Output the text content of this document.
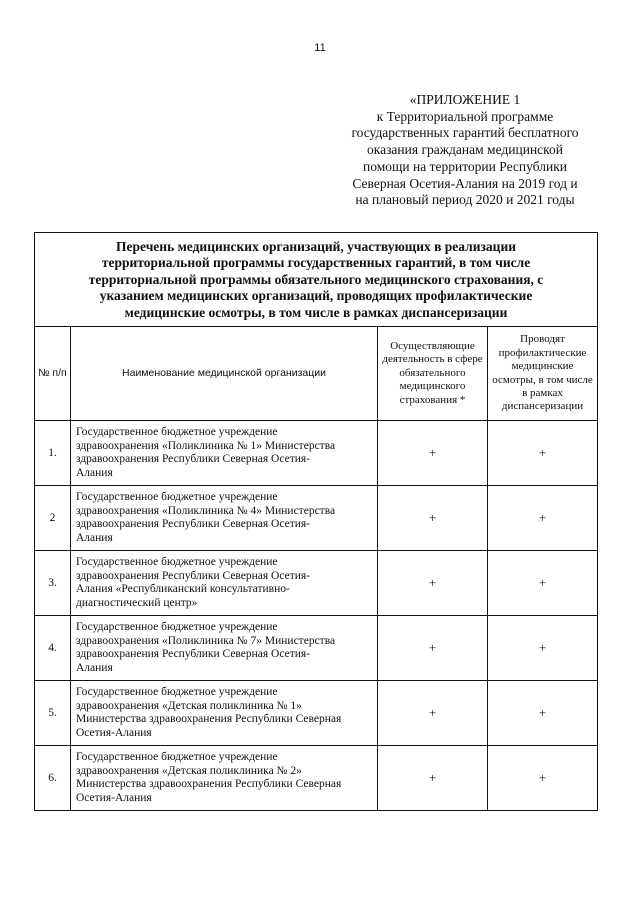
11
«ПРИЛОЖЕНИЕ 1
к Территориальной программе
государственных гарантий бесплатного
оказания гражданам медицинской
помощи на территории Республики
Северная Осетия-Алания на 2019 год и
на плановый период 2020 и 2021 годы
Перечень медицинских организаций, участвующих в реализации
территориальной программы государственных гарантий, в том числе
территориальной программы обязательного медицинского страхования, с
указанием медицинских организаций, проводящих профилактические
медицинские осмотры, в том числе в рамках диспансеризации			

№ п/п	Наименование медицинской организации	Осуществляющие деятельность в сфере обязательного медицинского страхования *	Проводят профилактические медицинские осмотры, в том числе в рамках диспансеризации
1.	Государственное бюджетное учреждение
здравоохранения «Поликлиника № 1» Министерства
здравоохранения Республики Северная Осетия-
Алания	+	+
2	Государственное бюджетное учреждение
здравоохранения «Поликлиника № 4» Министерства
здравоохранения Республики Северная Осетия-
Алания	+	+
3.	Государственное бюджетное учреждение
здравоохранения Республики Северная Осетия-
Алания «Республиканский консультативно-
диагностический центр»	+	+
4.	Государственное бюджетное учреждение
здравоохранения «Поликлиника № 7» Министерства
здравоохранения Республики Северная Осетия-
Алания	+	+
5.	Государственное бюджетное учреждение
здравоохранения «Детская поликлиника № 1»
Министерства здравоохранения Республики Северная
Осетия-Алания	+	+
6.	Государственное бюджетное учреждение
здравоохранения «Детская поликлиника № 2»
Министерства здравоохранения Республики Северная
Осетия-Алания	+	+
